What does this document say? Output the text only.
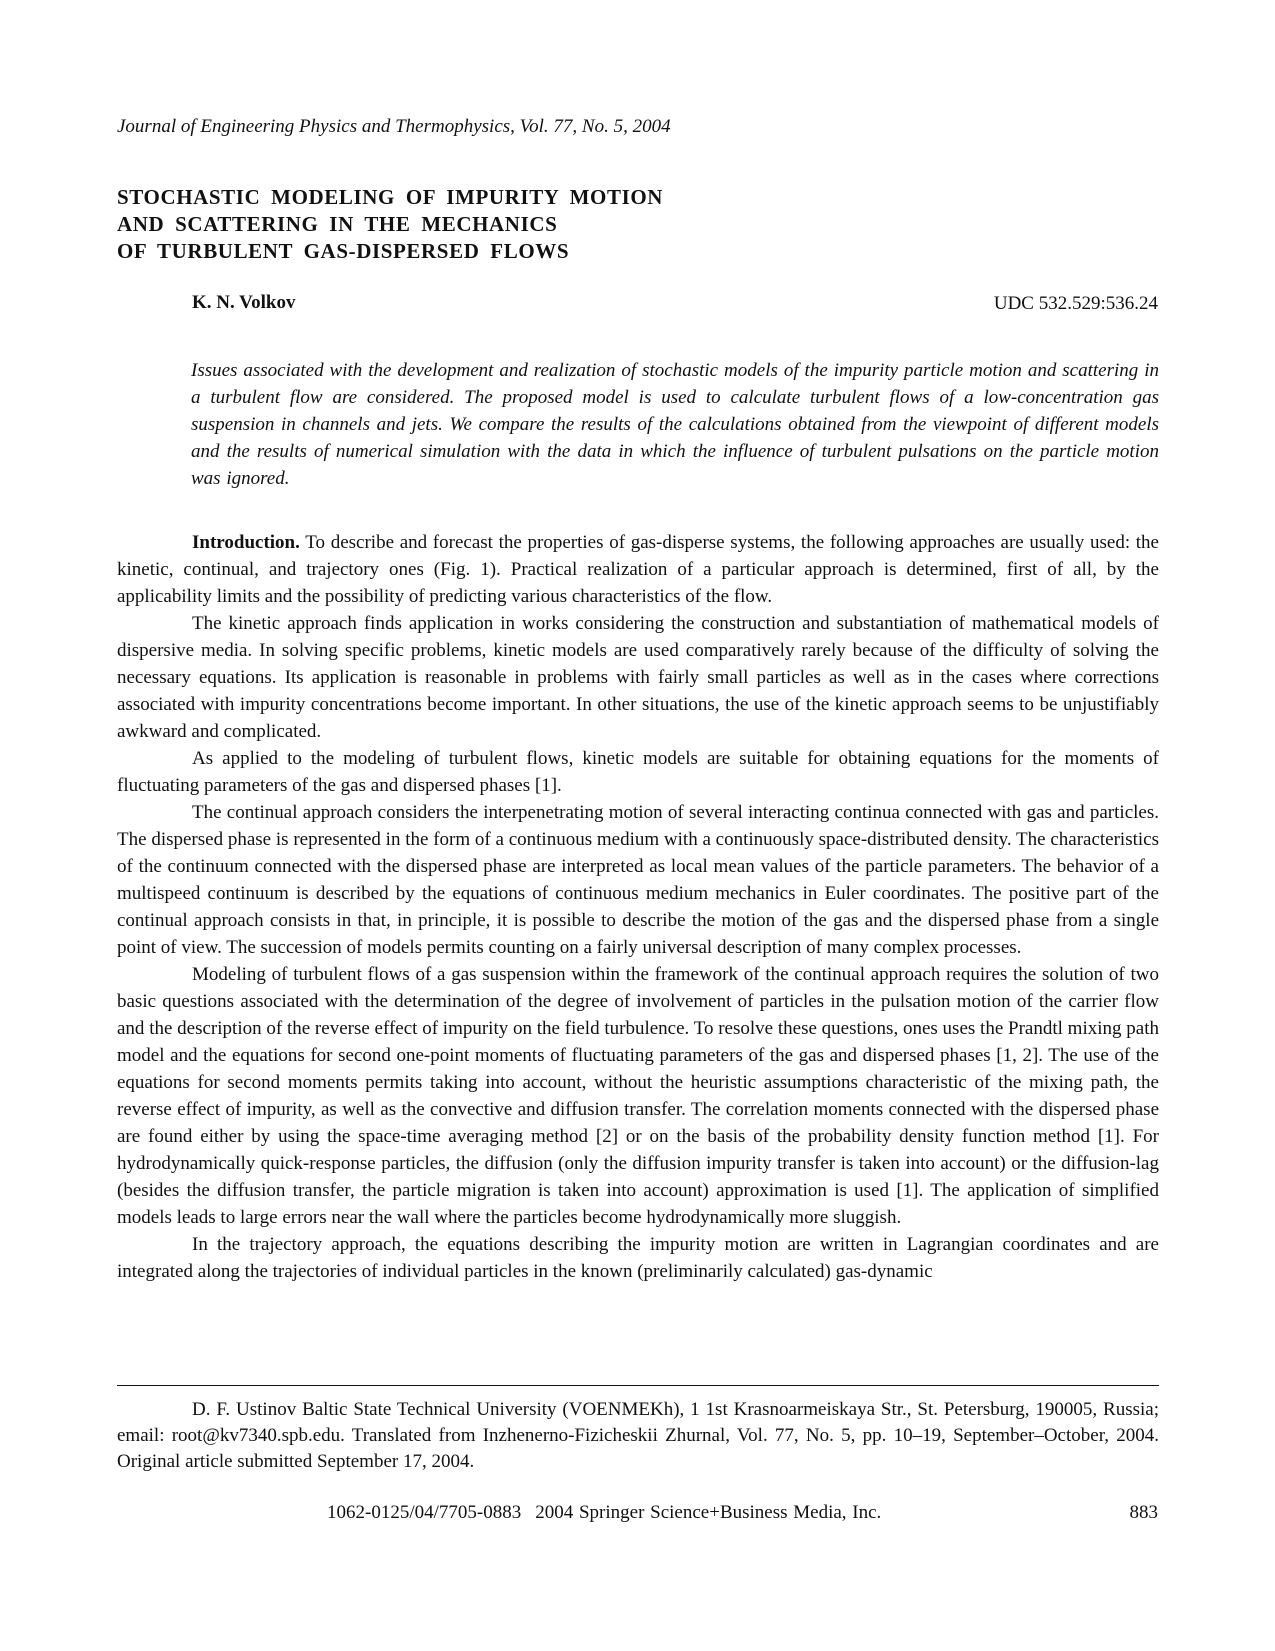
Journal of Engineering Physics and Thermophysics, Vol. 77, No. 5, 2004
STOCHASTIC MODELING OF IMPURITY MOTION
AND SCATTERING IN THE MECHANICS
OF TURBULENT GAS-DISPERSED FLOWS
K. N. Volkov	UDC 532.529:536.24
Issues associated with the development and realization of stochastic models of the impurity particle motion and scattering in a turbulent flow are considered. The proposed model is used to calculate turbulent flows of a low-concentration gas suspension in channels and jets. We compare the results of the calculations obtained from the viewpoint of different models and the results of numerical simulation with the data in which the influence of turbulent pulsations on the particle motion was ignored.

Introduction. To describe and forecast the properties of gas-disperse systems, the following approaches are usually used: the kinetic, continual, and trajectory ones (Fig. 1). Practical realization of a particular approach is determined, first of all, by the applicability limits and the possibility of predicting various characteristics of the flow.

The kinetic approach finds application in works considering the construction and substantiation of mathematical models of dispersive media. In solving specific problems, kinetic models are used comparatively rarely because of the difficulty of solving the necessary equations. Its application is reasonable in problems with fairly small particles as well as in the cases where corrections associated with impurity concentrations become important. In other situations, the use of the kinetic approach seems to be unjustifiably awkward and complicated.

As applied to the modeling of turbulent flows, kinetic models are suitable for obtaining equations for the moments of fluctuating parameters of the gas and dispersed phases [1].

The continual approach considers the interpenetrating motion of several interacting continua connected with gas and particles. The dispersed phase is represented in the form of a continuous medium with a continuously space-distributed density. The characteristics of the continuum connected with the dispersed phase are interpreted as local mean values of the particle parameters. The behavior of a multispeed continuum is described by the equations of continuous medium mechanics in Euler coordinates. The positive part of the continual approach consists in that, in principle, it is possible to describe the motion of the gas and the dispersed phase from a single point of view. The succession of models permits counting on a fairly universal description of many complex processes.

Modeling of turbulent flows of a gas suspension within the framework of the continual approach requires the solution of two basic questions associated with the determination of the degree of involvement of particles in the pulsation motion of the carrier flow and the description of the reverse effect of impurity on the field turbulence. To resolve these questions, ones uses the Prandtl mixing path model and the equations for second one-point moments of fluctuating parameters of the gas and dispersed phases [1, 2]. The use of the equations for second moments permits taking into account, without the heuristic assumptions characteristic of the mixing path, the reverse effect of impurity, as well as the convective and diffusion transfer. The correlation moments connected with the dispersed phase are found either by using the space-time averaging method [2] or on the basis of the probability density function method [1]. For hydrodynamically quick-response particles, the diffusion (only the diffusion impurity transfer is taken into account) or the diffusion-lag (besides the diffusion transfer, the particle migration is taken into account) approximation is used [1]. The application of simplified models leads to large errors near the wall where the particles become hydrodynamically more sluggish.

In the trajectory approach, the equations describing the impurity motion are written in Lagrangian coordinates and are integrated along the trajectories of individual particles in the known (preliminarily calculated) gas-dynamic

D. F. Ustinov Baltic State Technical University (VOENMEKh), 1 1st Krasnoarmeiskaya Str., St. Petersburg, 190005, Russia; email: root@kv7340.spb.edu. Translated from Inzhenerno-Fizicheskii Zhurnal, Vol. 77, No. 5, pp. 10–19, September–October, 2004. Original article submitted September 17, 2004.
1062-0125/04/7705-0883 2004 Springer Science+Business Media, Inc.	883
